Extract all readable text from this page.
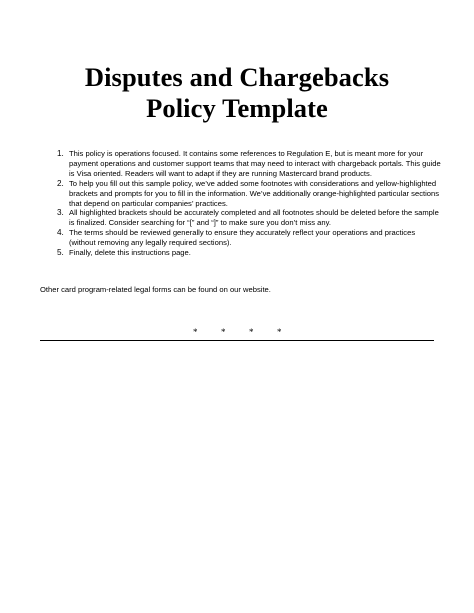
Disputes and Chargebacks
Policy Template
1. This policy is operations focused. It contains some references to Regulation E, but is meant more for your payment operations and customer support teams that may need to interact with chargeback portals. This guide is Visa oriented. Readers will want to adapt if they are running Mastercard brand products.
2. To help you fill out this sample policy, we’ve added some footnotes with considerations and yellow-highlighted brackets and prompts for you to fill in the information. We’ve additionally orange-highlighted particular sections that depend on particular companies’ practices.
3. All highlighted brackets should be accurately completed and all footnotes should be deleted before the sample is finalized. Consider searching for “[” and “]” to make sure you don’t miss any.
4. The terms should be reviewed generally to ensure they accurately reflect your operations and practices (without removing any legally required sections).
5. Finally, delete this instructions page.
Other card program-related legal forms can be found on our website.
*	*	*	*
